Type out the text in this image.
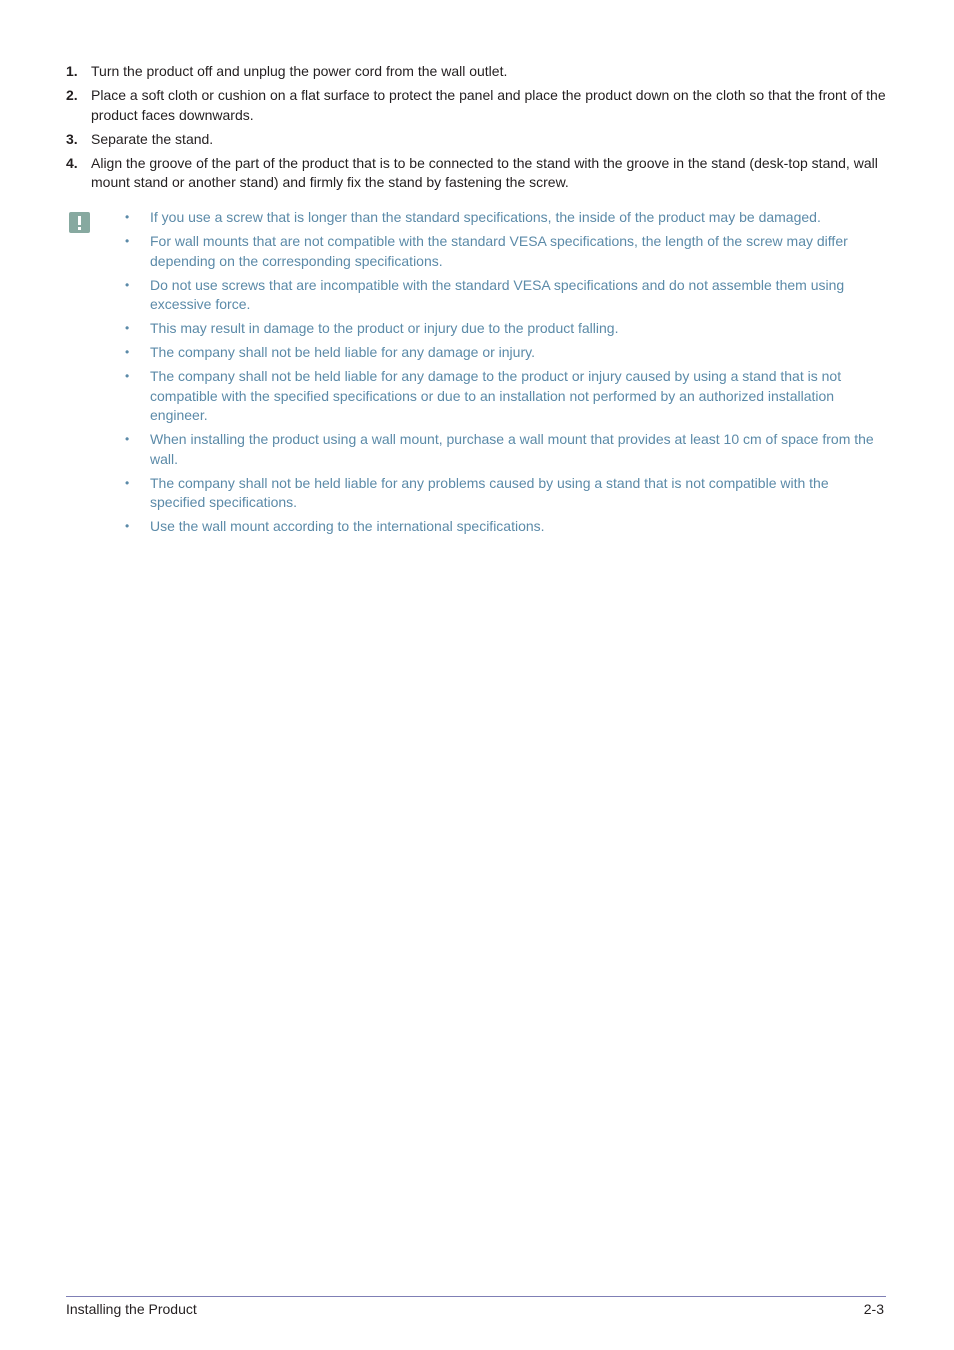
1. Turn the product off and unplug the power cord from the wall outlet.
2. Place a soft cloth or cushion on a flat surface to protect the panel and place the product down on the cloth so that the front of the product faces downwards.
3. Separate the stand.
4. Align the groove of the part of the product that is to be connected to the stand with the groove in the stand (desk-top stand, wall mount stand or another stand) and firmly fix the stand by fastening the screw.
•	If you use a screw that is longer than the standard specifications, the inside of the product may be damaged.
•	For wall mounts that are not compatible with the standard VESA specifications, the length of the screw may differ depending on the corresponding specifications.
•	Do not use screws that are incompatible with the standard VESA specifications and do not assemble them using excessive force.
•	This may result in damage to the product or injury due to the product falling.
•	The company shall not be held liable for any damage or injury.
•	The company shall not be held liable for any damage to the product or injury caused by using a stand that is not compatible with the specified specifications or due to an installation not performed by an authorized installation engineer.
•	When installing the product using a wall mount, purchase a wall mount that provides at least 10 cm of space from the wall.
•	The company shall not be held liable for any problems caused by using a stand that is not compatible with the specified specifications.
•	Use the wall mount according to the international specifications.
Installing the Product	2-3
